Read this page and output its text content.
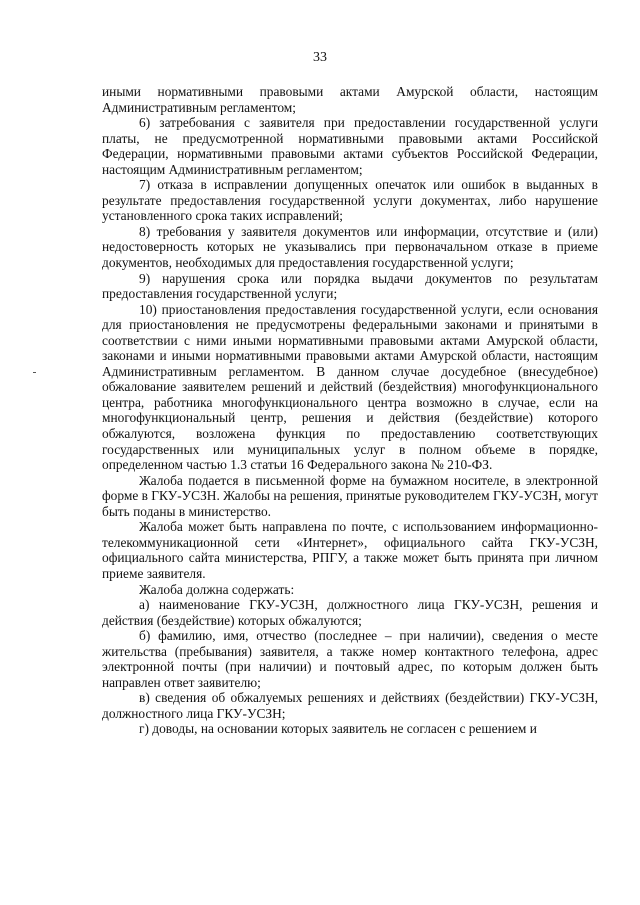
33

иными нормативными правовыми актами Амурской области, настоящим Административным регламентом;

6) затребования с заявителя при предоставлении государственной услуги платы, не предусмотренной нормативными правовыми актами Российской Федерации, нормативными правовыми актами субъектов Российской Федерации, настоящим Административным регламентом;

7) отказа в исправлении допущенных опечаток или ошибок в выданных в результате предоставления государственной услуги документах, либо нарушение установленного срока таких исправлений;

8) требования у заявителя документов или информации, отсутствие и (или) недостоверность которых не указывались при первоначальном отказе в приеме документов, необходимых для предоставления государственной услуги;

9) нарушения срока или порядка выдачи документов по результатам предоставления государственной услуги;

10) приостановления предоставления государственной услуги, если основания для приостановления не предусмотрены федеральными законами и принятыми в соответствии с ними иными нормативными правовыми актами Амурской области, законами и иными нормативными правовыми актами Амурской области, настоящим Административным регламентом. В данном случае досудебное (внесудебное) обжалование заявителем решений и действий (бездействия) многофункционального центра, работника многофункционального центра возможно в случае, если на многофункциональный центр, решения и действия (бездействие) которого обжалуются, возложена функция по предоставлению соответствующих государственных или муниципальных услуг в полном объеме в порядке, определенном частью 1.3 статьи 16 Федерального закона № 210-ФЗ.

Жалоба подается в письменной форме на бумажном носителе, в электронной форме в ГКУ-УСЗН. Жалобы на решения, принятые руководителем ГКУ-УСЗН, могут быть поданы в министерство.

Жалоба может быть направлена по почте, с использованием информационно-телекоммуникационной сети «Интернет», официального сайта ГКУ-УСЗН, официального сайта министерства, РПГУ, а также может быть принята при личном приеме заявителя.

Жалоба должна содержать:

а) наименование ГКУ-УСЗН, должностного лица ГКУ-УСЗН, решения и действия (бездействие) которых обжалуются;

б) фамилию, имя, отчество (последнее – при наличии), сведения о месте жительства (пребывания) заявителя, а также номер контактного телефона, адрес электронной почты (при наличии) и почтовый адрес, по которым должен быть направлен ответ заявителю;

в) сведения об обжалуемых решениях и действиях (бездействии) ГКУ-УСЗН, должностного лица ГКУ-УСЗН;

г) доводы, на основании которых заявитель не согласен с решением и
